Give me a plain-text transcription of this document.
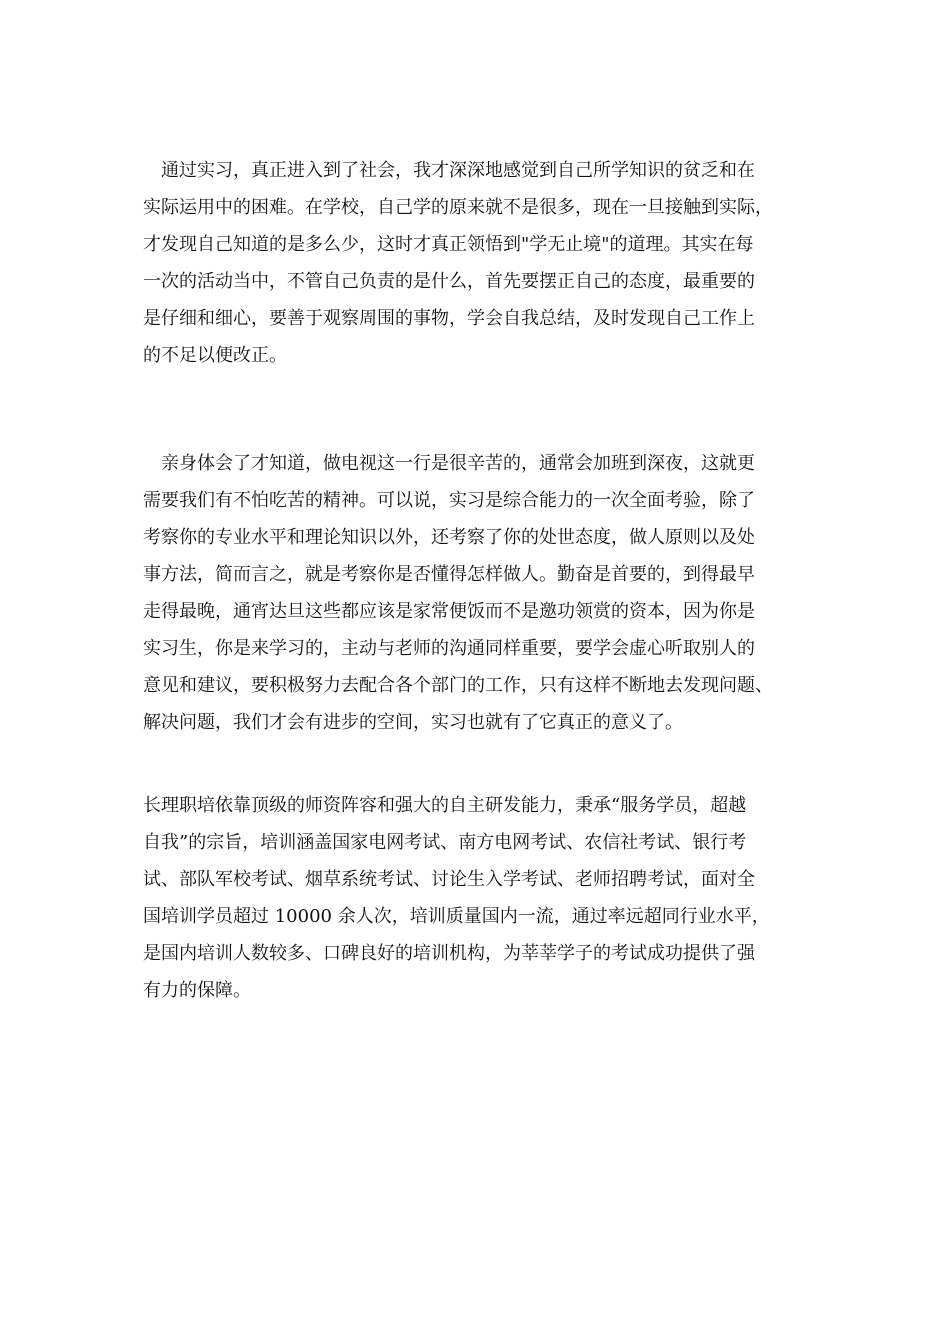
　通过实习，真正进入到了社会，我才深深地感觉到自己所学知识的贫乏和在
实际运用中的困难。在学校，自己学的原来就不是很多，现在一旦接触到实际，
才发现自己知道的是多么少，这时才真正领悟到"学无止境"的道理。其实在每
一次的活动当中，不管自己负责的是什么，首先要摆正自己的态度，最重要的
是仔细和细心，要善于观察周围的事物，学会自我总结，及时发现自己工作上
的不足以便改正。

　亲身体会了才知道，做电视这一行是很辛苦的，通常会加班到深夜，这就更
需要我们有不怕吃苦的精神。可以说，实习是综合能力的一次全面考验，除了
考察你的专业水平和理论知识以外，还考察了你的处世态度，做人原则以及处
事方法，简而言之，就是考察你是否懂得怎样做人。勤奋是首要的，到得最早
走得最晚，通宵达旦这些都应该是家常便饭而不是邀功领赏的资本，因为你是
实习生，你是来学习的，主动与老师的沟通同样重要，要学会虚心听取别人的
意见和建议，要积极努力去配合各个部门的工作，只有这样不断地去发现问题、
解决问题，我们才会有进步的空间，实习也就有了它真正的意义了。

长理职培依靠顶级的师资阵容和强大的自主研发能力，秉承“服务学员，超越
自我”的宗旨，培训涵盖国家电网考试、南方电网考试、农信社考试、银行考
试、部队军校考试、烟草系统考试、讨论生入学考试、老师招聘考试，面对全
国培训学员超过 10000 余人次，培训质量国内一流，通过率远超同行业水平，
是国内培训人数较多、口碑良好的培训机构，为莘莘学子的考试成功提供了强
有力的保障。
